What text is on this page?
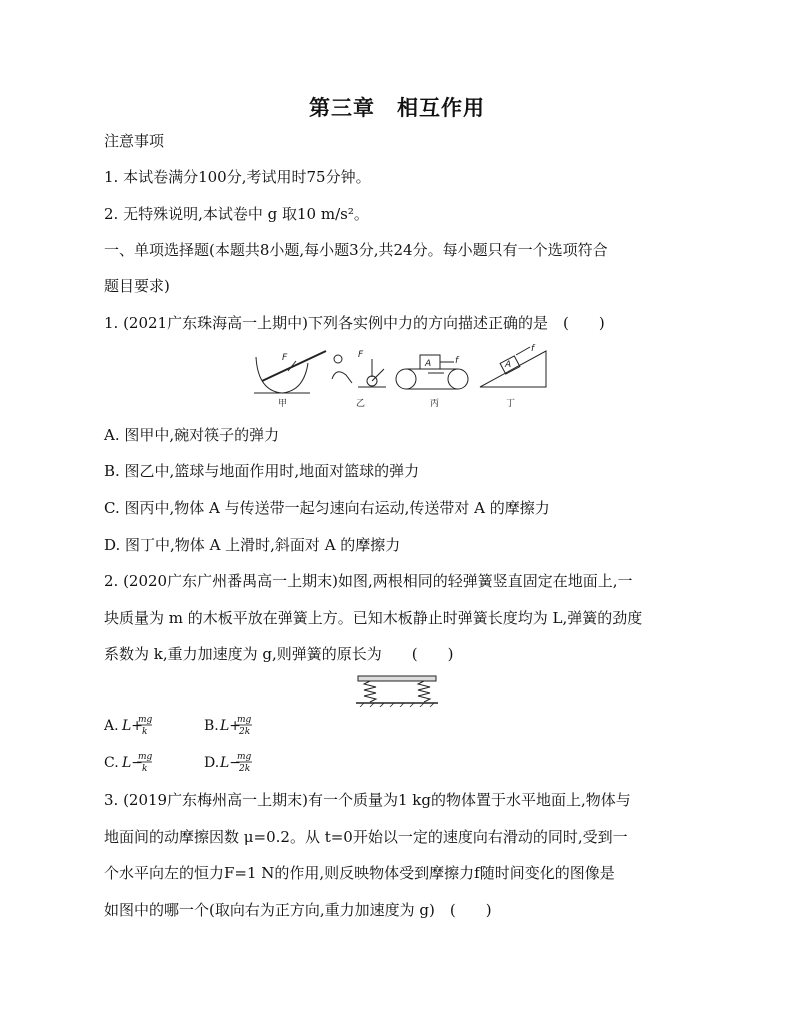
第三章　相互作用
注意事项
1. 本试卷满分100分,考试用时75分钟。
2. 无特殊说明,本试卷中 g 取10 m/s²。
一、单项选择题(本题共8小题,每小题3分,共24分。每小题只有一个选项符合
题目要求)
1. (2021广东珠海高一上期中)下列各实例中力的方向描述正确的是　(　　)
F	F
A	f	A
f
甲	乙	丙	丁
A. 图甲中,碗对筷子的弹力
B. 图乙中,篮球与地面作用时,地面对篮球的弹力
C. 图丙中,物体 A 与传送带一起匀速向右运动,传送带对 A 的摩擦力
D. 图丁中,物体 A 上滑时,斜面对 A 的摩擦力
2. (2020广东广州番禺高一上期末)如图,两根相同的轻弹簧竖直固定在地面上,一
块质量为 m 的木板平放在弹簧上方。已知木板静止时弹簧长度均为 L,弹簧的劲度
系数为 k,重力加速度为 g,则弹簧的原长为　　(　　)
A. L+
mg
k	B. L+
mg
2k
C. L−
mg
k	D. L−
mg
2k
3. (2019广东梅州高一上期末)有一个质量为1 kg的物体置于水平地面上,物体与
地面间的动摩擦因数 μ=0.2。从 t=0开始以一定的速度向右滑动的同时,受到一
个水平向左的恒力F=1 N的作用,则反映物体受到摩擦力f随时间变化的图像是
如图中的哪一个(取向右为正方向,重力加速度为 g)　(　　)
